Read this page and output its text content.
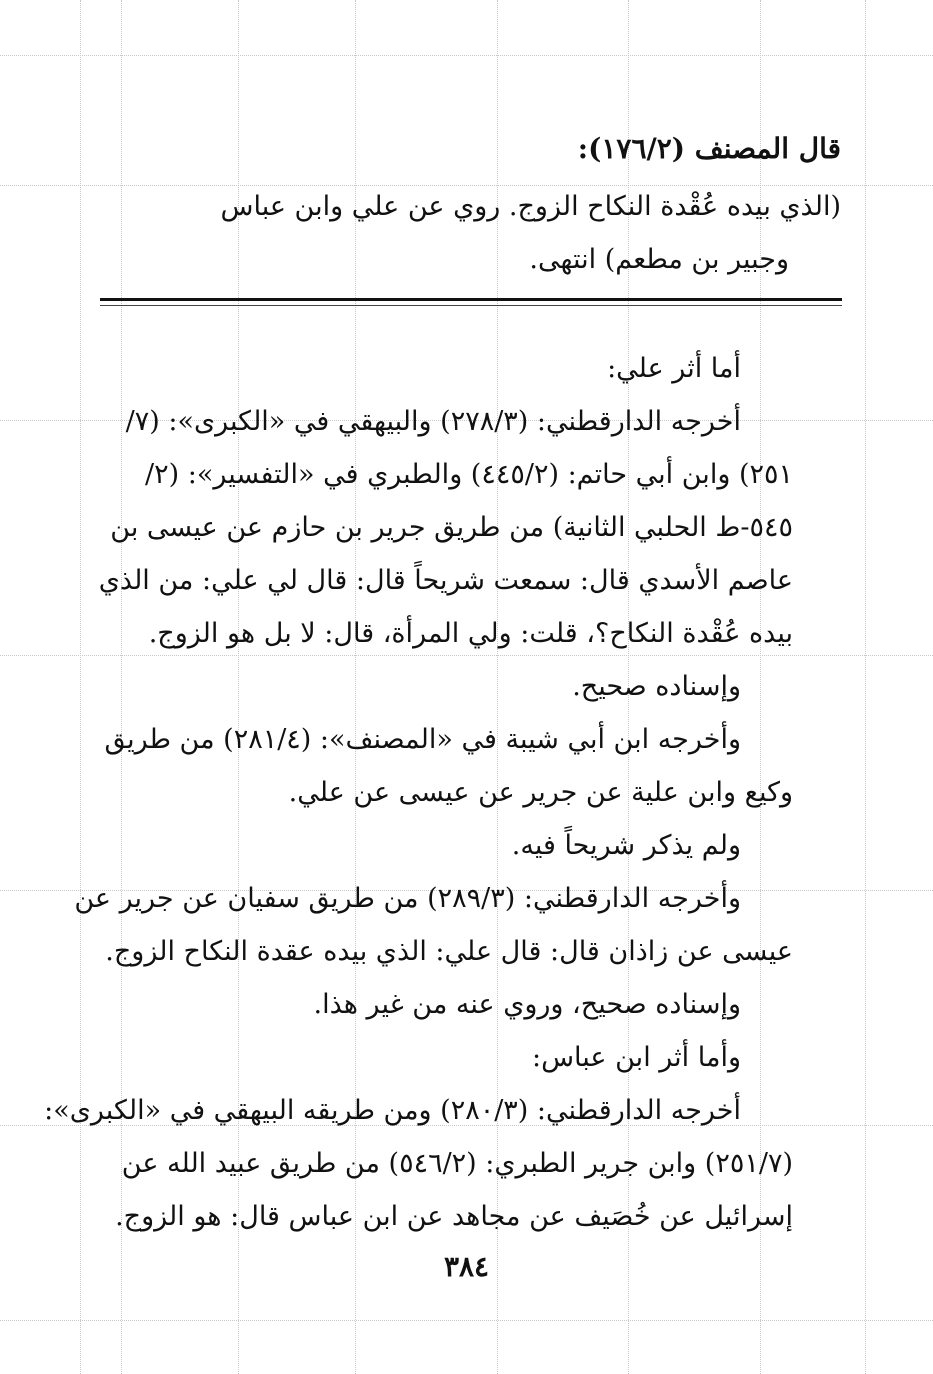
قال المصنف (١٧٦/٢):
(الذي بيده عُقْدة النكاح الزوج. روي عن علي وابن عباس
وجبير بن مطعم) انتهى.
أما أثر علي:
أخرجه الدارقطني: (٢٧٨/٣) والبيهقي في «الكبرى»: (٧/
٢٥١) وابن أبي حاتم: (٤٤٥/٢) والطبري في «التفسير»: (٢/
٥٤٥-ط الحلبي الثانية) من طريق جرير بن حازم عن عيسى بن
عاصم الأسدي قال: سمعت شريحاً قال: قال لي علي: من الذي
بيده عُقْدة النكاح؟، قلت: ولي المرأة، قال: لا بل هو الزوج.
وإسناده صحيح.
وأخرجه ابن أبي شيبة في «المصنف»: (٢٨١/٤) من طريق
وكيع وابن علية عن جرير عن عيسى عن علي.
ولم يذكر شريحاً فيه.
وأخرجه الدارقطني: (٢٨٩/٣) من طريق سفيان عن جرير عن
عيسى عن زاذان قال: قال علي: الذي بيده عقدة النكاح الزوج.
وإسناده صحيح، وروي عنه من غير هذا.
وأما أثر ابن عباس:
أخرجه الدارقطني: (٢٨٠/٣) ومن طريقه البيهقي في «الكبرى»:
(٢٥١/٧) وابن جرير الطبري: (٥٤٦/٢) من طريق عبيد الله عن
إسرائيل عن خُصَيف عن مجاهد عن ابن عباس قال: هو الزوج.
٣٨٤
